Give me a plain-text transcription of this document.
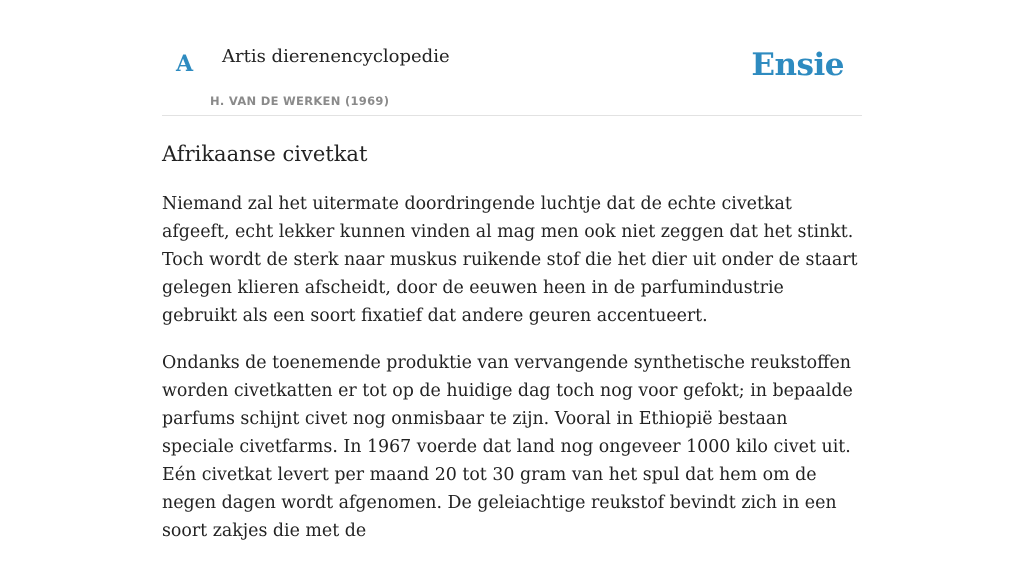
A Artis dierenencyclopedie
H. VAN DE WERKEN (1969)
Ensie
Afrikaanse civetkat

Niemand zal het uitermate doordringende luchtje dat de echte civetkat afgeeft, echt lekker kunnen vinden al mag men ook niet zeggen dat het stinkt. Toch wordt de sterk naar muskus ruikende stof die het dier uit onder de staart gelegen klieren afscheidt, door de eeuwen heen in de parfumindustrie gebruikt als een soort fixatief dat andere geuren accentueert.

Ondanks de toenemende produktie van vervangende synthetische reukstoffen worden civetkatten er tot op de huidige dag toch nog voor gefokt; in bepaalde parfums schijnt civet nog onmisbaar te zijn. Vooral in Ethiopië bestaan speciale civetfarms. In 1967 voerde dat land nog ongeveer 1000 kilo civet uit. Eén civetkat levert per maand 20 tot 30 gram van het spul dat hem om de negen dagen wordt afgenomen. De geleiachtige reukstof bevindt zich in een soort zakjes die met de
